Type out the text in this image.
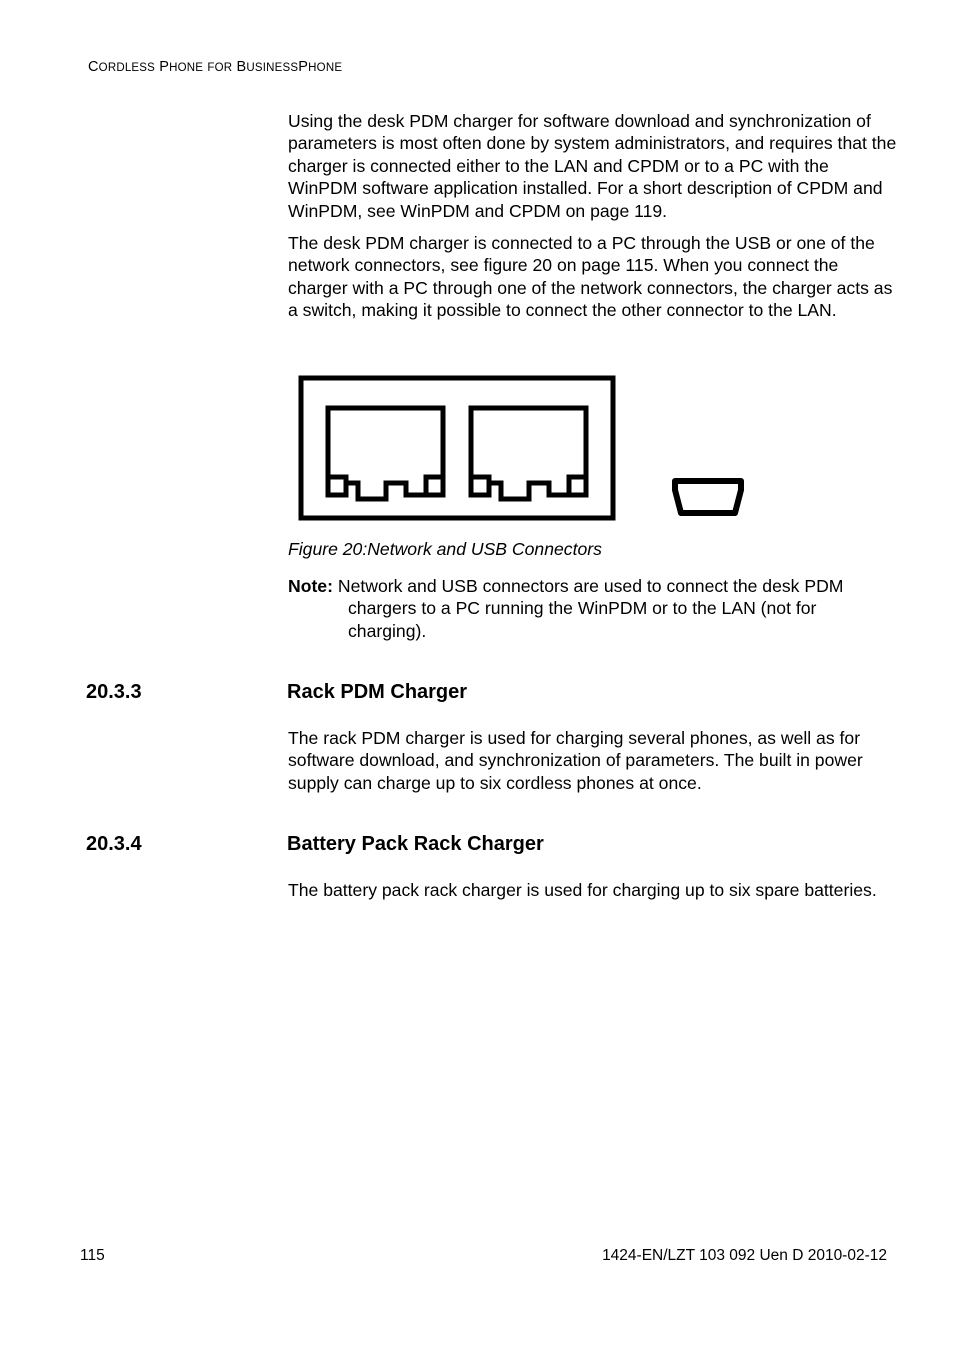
CORDLESS PHONE FOR BUSINESSPHONE

Using the desk PDM charger for software download and synchronization of parameters is most often done by system administrators, and requires that the charger is connected either to the LAN and CPDM or to a PC with the WinPDM software application installed. For a short description of CPDM and WinPDM, see WinPDM and CPDM on page 119.

The desk PDM charger is connected to a PC through the USB or one of the network connectors, see figure 20 on page 115. When you connect the charger with a PC through one of the network connectors, the charger acts as a switch, making it possible to connect the other connector to the LAN.

Figure 20:Network and USB Connectors
Note: Network and USB connectors are used to connect the desk PDM
chargers to a PC running the WinPDM or to the LAN (not for charging).
20.3.3	Rack PDM Charger

The rack PDM charger is used for charging several phones, as well as for software download, and synchronization of parameters. The built in power supply can charge up to six cordless phones at once.

20.3.4	Battery Pack Rack Charger

The battery pack rack charger is used for charging up to six spare batteries.

115	1424-EN/LZT 103 092 Uen D 2010-02-12
